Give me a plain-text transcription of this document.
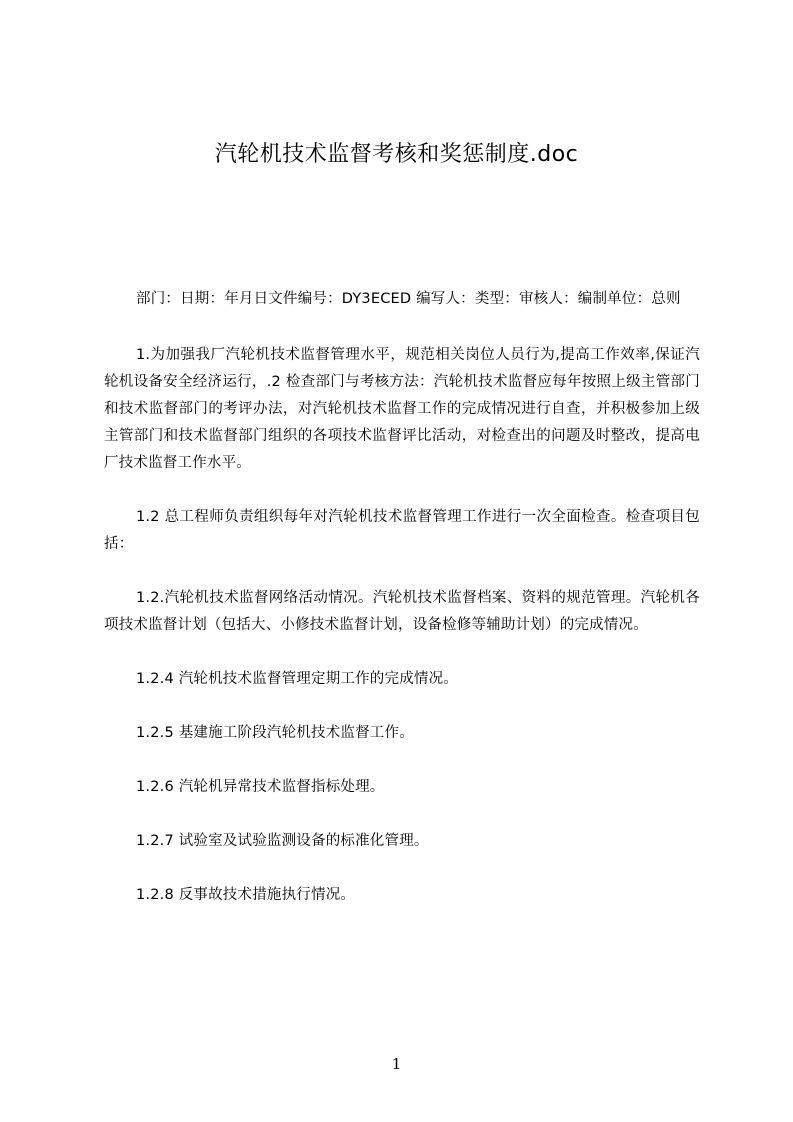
汽轮机技术监督考核和奖惩制度.doc

部门：日期：年月日文件编号：DY3ECED 编写人：类型：审核人：编制单位：总则

1.为加强我厂汽轮机技术监督管理水平，规范相关岗位人员行为,提高工作效率,保证汽轮机设备安全经济运行，.2 检查部门与考核方法：汽轮机技术监督应每年按照上级主管部门和技术监督部门的考评办法，对汽轮机技术监督工作的完成情况进行自查，并积极参加上级主管部门和技术监督部门组织的各项技术监督评比活动，对检查出的问题及时整改，提高电厂技术监督工作水平。

1.2 总工程师负责组织每年对汽轮机技术监督管理工作进行一次全面检查。检查项目包括：

1.2.汽轮机技术监督网络活动情况。汽轮机技术监督档案、资料的规范管理。汽轮机各项技术监督计划（包括大、小修技术监督计划，设备检修等辅助计划）的完成情况。

1.2.4 汽轮机技术监督管理定期工作的完成情况。

1.2.5 基建施工阶段汽轮机技术监督工作。

1.2.6 汽轮机异常技术监督指标处理。

1.2.7 试验室及试验监测设备的标准化管理。

1.2.8 反事故技术措施执行情况。

1
